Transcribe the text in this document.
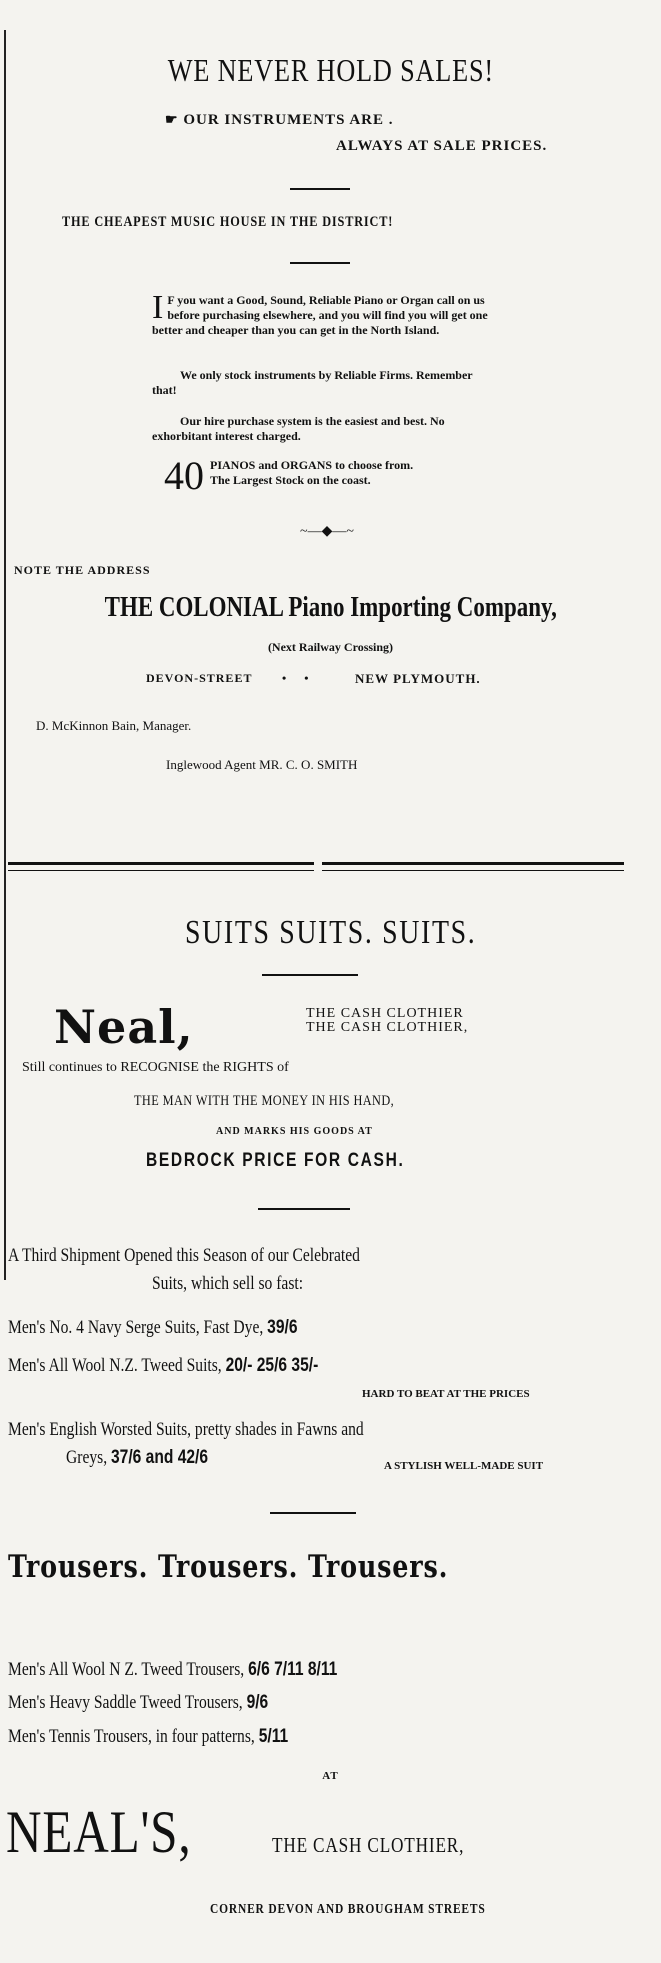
WE NEVER HOLD SALES!
☛ OUR INSTRUMENTS ARE .
ALWAYS AT SALE PRICES.
THE CHEAPEST MUSIC HOUSE IN THE DISTRICT!
I F you want a Good, Sound, Reliable Piano or Organ call on us before purchasing elsewhere, and you will find you will get one better and cheaper than you can get in the North Island.
We only stock instruments by Reliable Firms. Remember that!
Our hire purchase system is the easiest and best. No exhorbitant interest charged.
40 PIANOS and ORGANS to choose from.
The Largest Stock on the coast.
~—◆—~
NOTE THE ADDRESS
THE COLONIAL Piano Importing Company,
(Next Railway Crossing)
DEVON-STREET •      •	NEW PLYMOUTH.
D. McKinnon Bain, Manager.
Inglewood Agent MR. C. O. SMITH
SUITS SUITS. SUITS.
Neal,	THE CASH CLOTHIER
THE CASH CLOTHIER,
Still continues to RECOGNISE the RIGHTS of
THE MAN WITH THE MONEY IN HIS HAND,
AND MARKS HIS GOODS AT
BEDROCK PRICE FOR CASH.
A Third Shipment Opened this Season of our Celebrated
Suits, which sell so fast:
Men's No. 4 Navy Serge Suits, Fast Dye, 39/6
Men's All Wool N.Z. Tweed Suits, 20/- 25/6 35/-
HARD TO BEAT AT THE PRICES
Men's English Worsted Suits, pretty shades in Fawns and
Greys, 37/6 and 42/6	A STYLISH WELL-MADE SUIT
Trousers. Trousers. Trousers.
Men's All Wool N Z. Tweed Trousers, 6/6 7/11 8/11
Men's Heavy Saddle Tweed Trousers, 9/6
Men's Tennis Trousers, in four patterns, 5/11
AT
NEAL'S,	THE CASH CLOTHIER,
CORNER DEVON AND BROUGHAM STREETS
